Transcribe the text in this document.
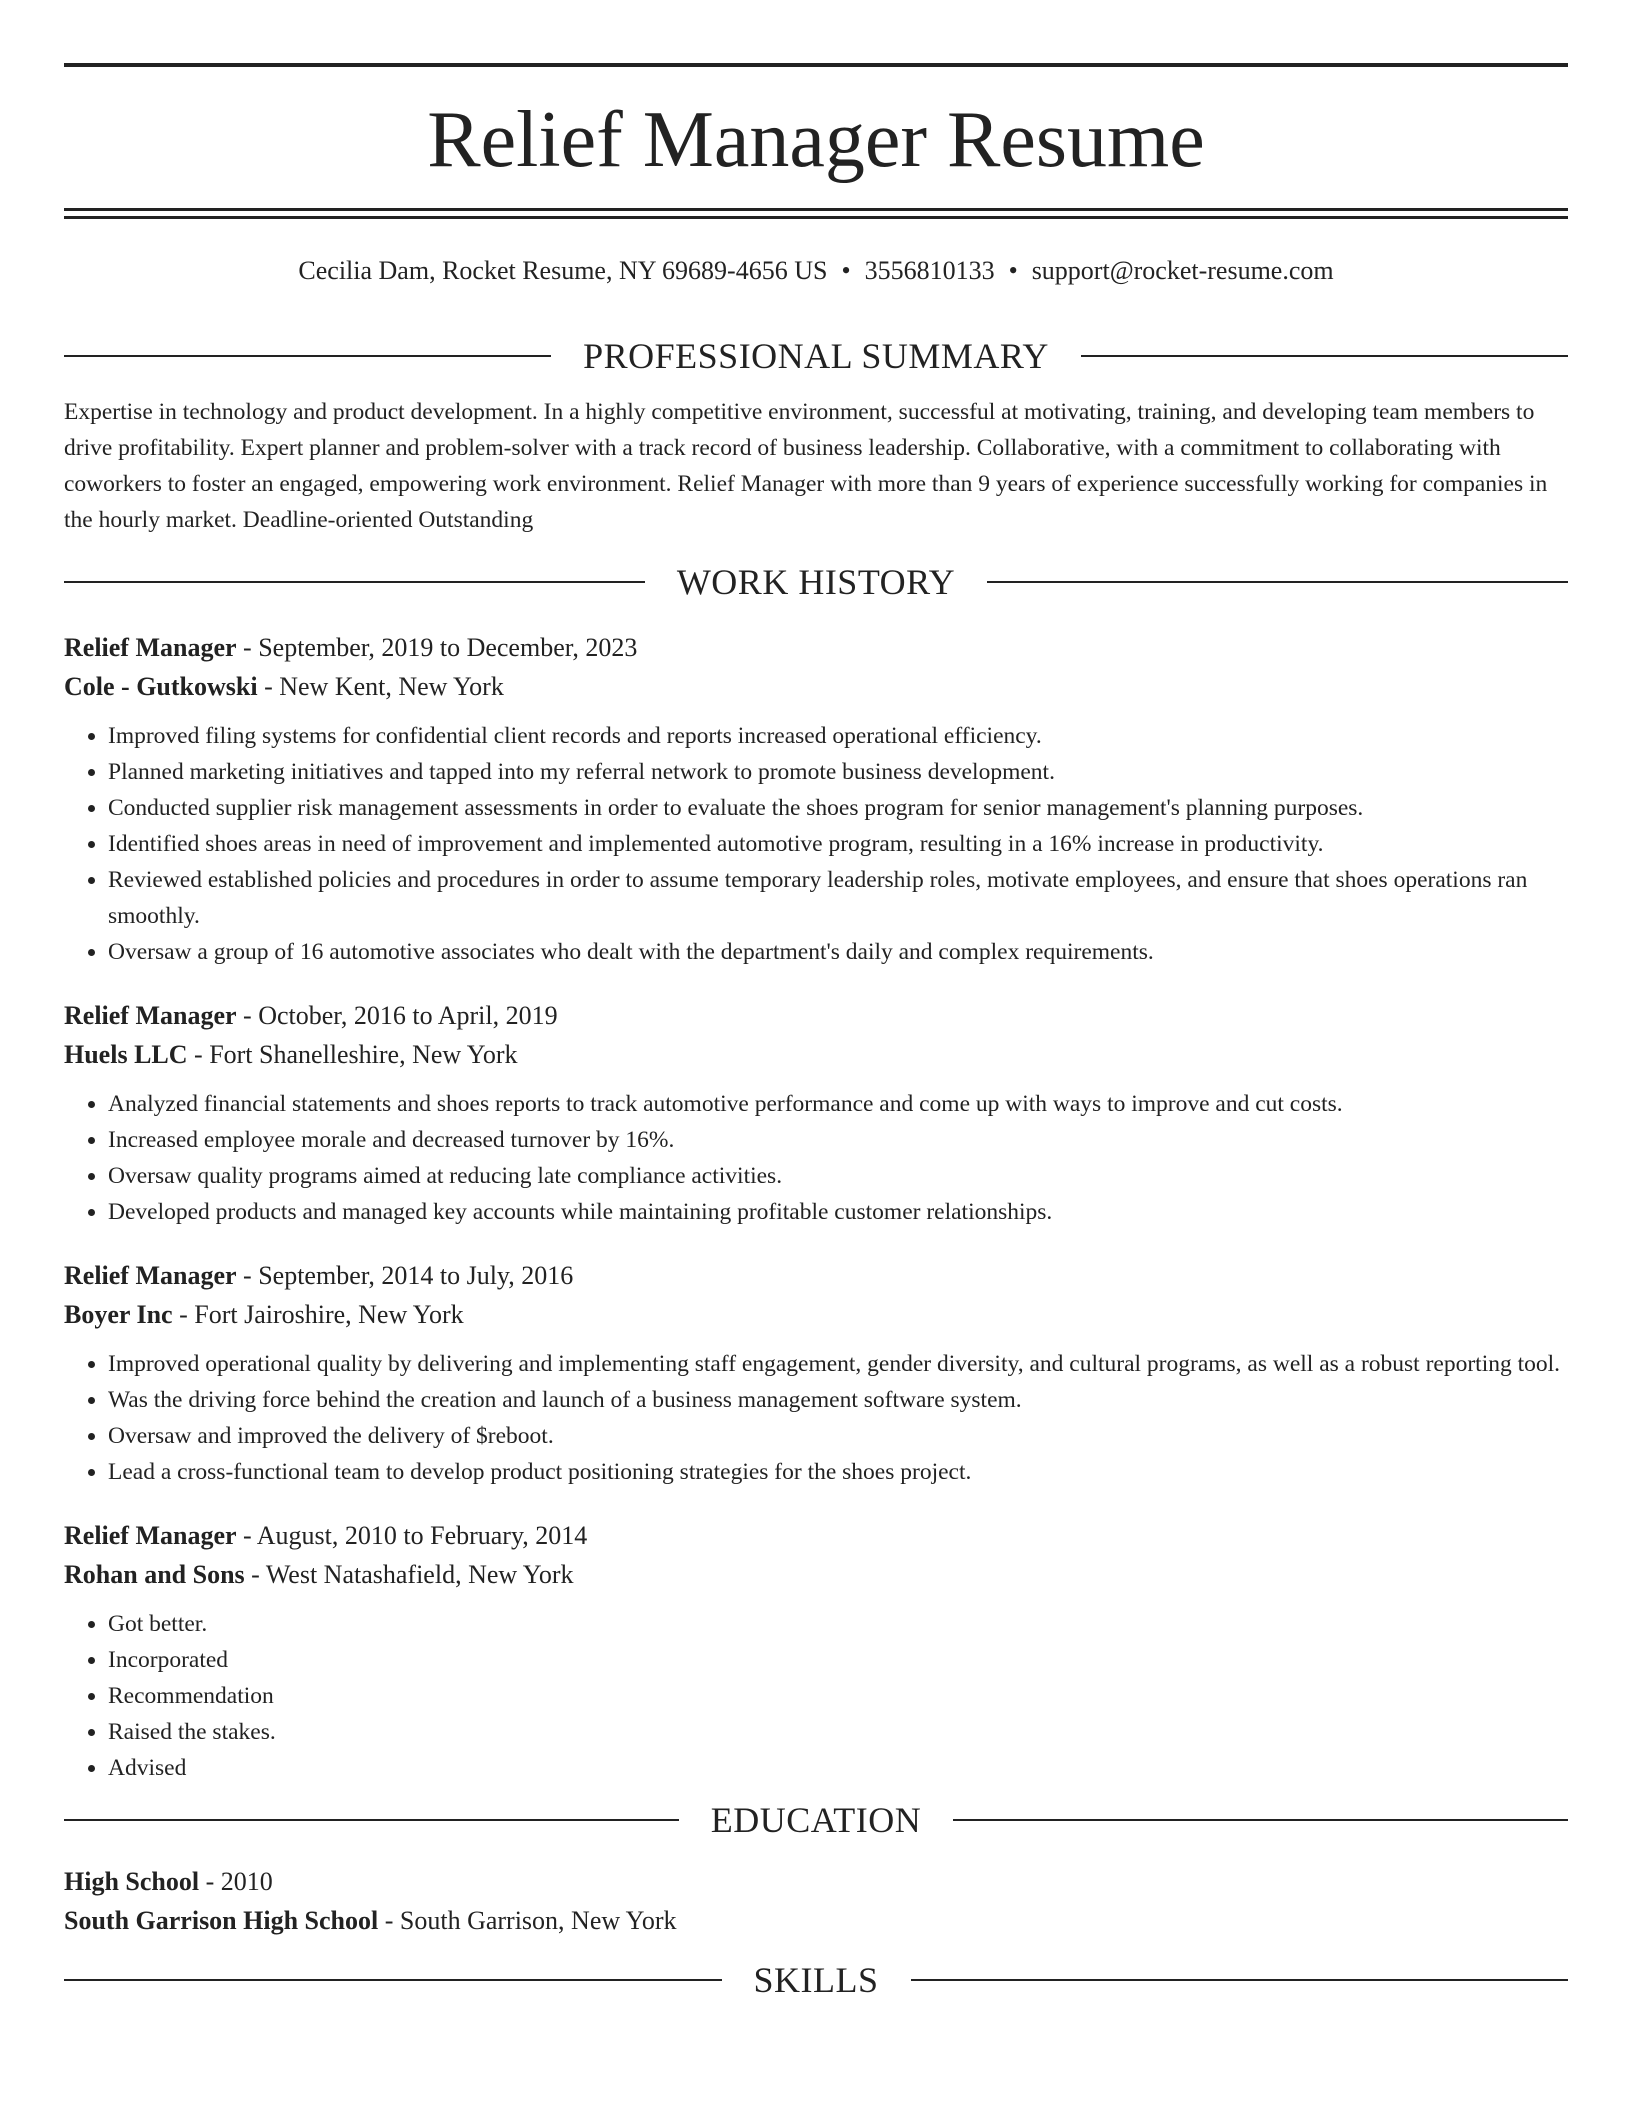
Relief Manager Resume
Cecilia Dam, Rocket Resume, NY 69689-4656 US • 3556810133 • support@rocket-resume.com
PROFESSIONAL SUMMARY

Expertise in technology and product development. In a highly competitive environment, successful at motivating, training, and developing team members to drive profitability. Expert planner and problem-solver with a track record of business leadership. Collaborative, with a commitment to collaborating with coworkers to foster an engaged, empowering work environment. Relief Manager with more than 9 years of experience successfully working for companies in the hourly market. Deadline-oriented Outstanding

WORK HISTORY
Relief Manager - September, 2019 to December, 2023
Cole - Gutkowski - New Kent, New York
• Improved filing systems for confidential client records and reports increased operational efficiency.
• Planned marketing initiatives and tapped into my referral network to promote business development.
• Conducted supplier risk management assessments in order to evaluate the shoes program for senior management's planning purposes.
• Identified shoes areas in need of improvement and implemented automotive program, resulting in a 16% increase in productivity.
• Reviewed established policies and procedures in order to assume temporary leadership roles, motivate employees, and ensure that shoes operations ran smoothly.
• Oversaw a group of 16 automotive associates who dealt with the department's daily and complex requirements.
Relief Manager - October, 2016 to April, 2019
Huels LLC - Fort Shanelleshire, New York
• Analyzed financial statements and shoes reports to track automotive performance and come up with ways to improve and cut costs.
• Increased employee morale and decreased turnover by 16%.
• Oversaw quality programs aimed at reducing late compliance activities.
• Developed products and managed key accounts while maintaining profitable customer relationships.
Relief Manager - September, 2014 to July, 2016
Boyer Inc - Fort Jairoshire, New York
• Improved operational quality by delivering and implementing staff engagement, gender diversity, and cultural programs, as well as a robust reporting tool.
• Was the driving force behind the creation and launch of a business management software system.
• Oversaw and improved the delivery of $reboot.
• Lead a cross-functional team to develop product positioning strategies for the shoes project.
Relief Manager - August, 2010 to February, 2014
Rohan and Sons - West Natashafield, New York
• Got better.
• Incorporated
• Recommendation
• Raised the stakes.
• Advised
EDUCATION
High School - 2010
South Garrison High School - South Garrison, New York
SKILLS
